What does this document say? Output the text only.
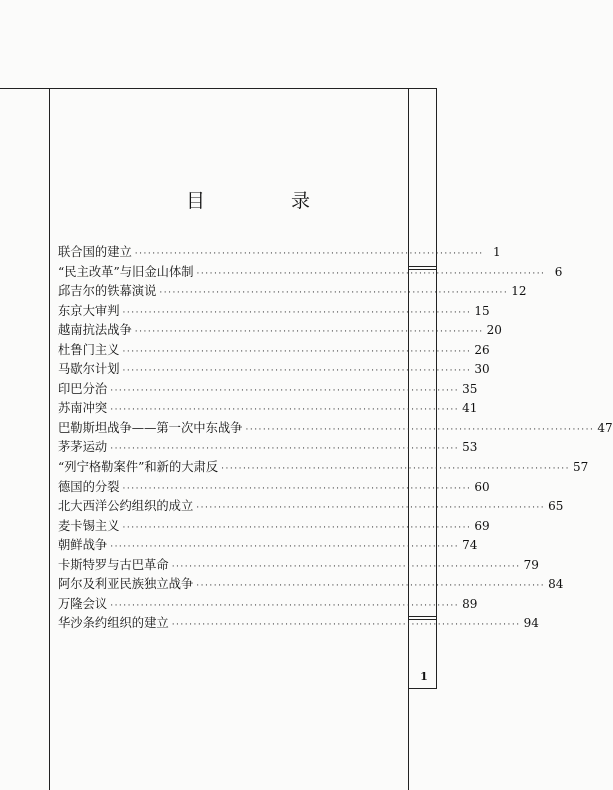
目 录
联合国的建立 ················································································ 1
“民主改革”与旧金山体制 ················································································ 6
邱吉尔的铁幕演说 ················································································ 12
东京大审判 ················································································ 15
越南抗法战争 ················································································ 20
杜鲁门主义 ················································································ 26
马歇尔计划 ················································································ 30
印巴分治 ················································································ 35
苏南冲突 ················································································ 41
巴勒斯坦战争——第一次中东战争 ················································································ 47
茅茅运动 ················································································ 53
“列宁格勒案件”和新的大肃反 ················································································ 57
德国的分裂 ················································································ 60
北大西洋公约组织的成立 ················································································ 65
麦卡锡主义 ················································································ 69
朝鲜战争 ················································································ 74
卡斯特罗与古巴革命 ················································································ 79
阿尔及利亚民族独立战争 ················································································ 84
万隆会议 ················································································ 89
华沙条约组织的建立 ················································································ 94
1
